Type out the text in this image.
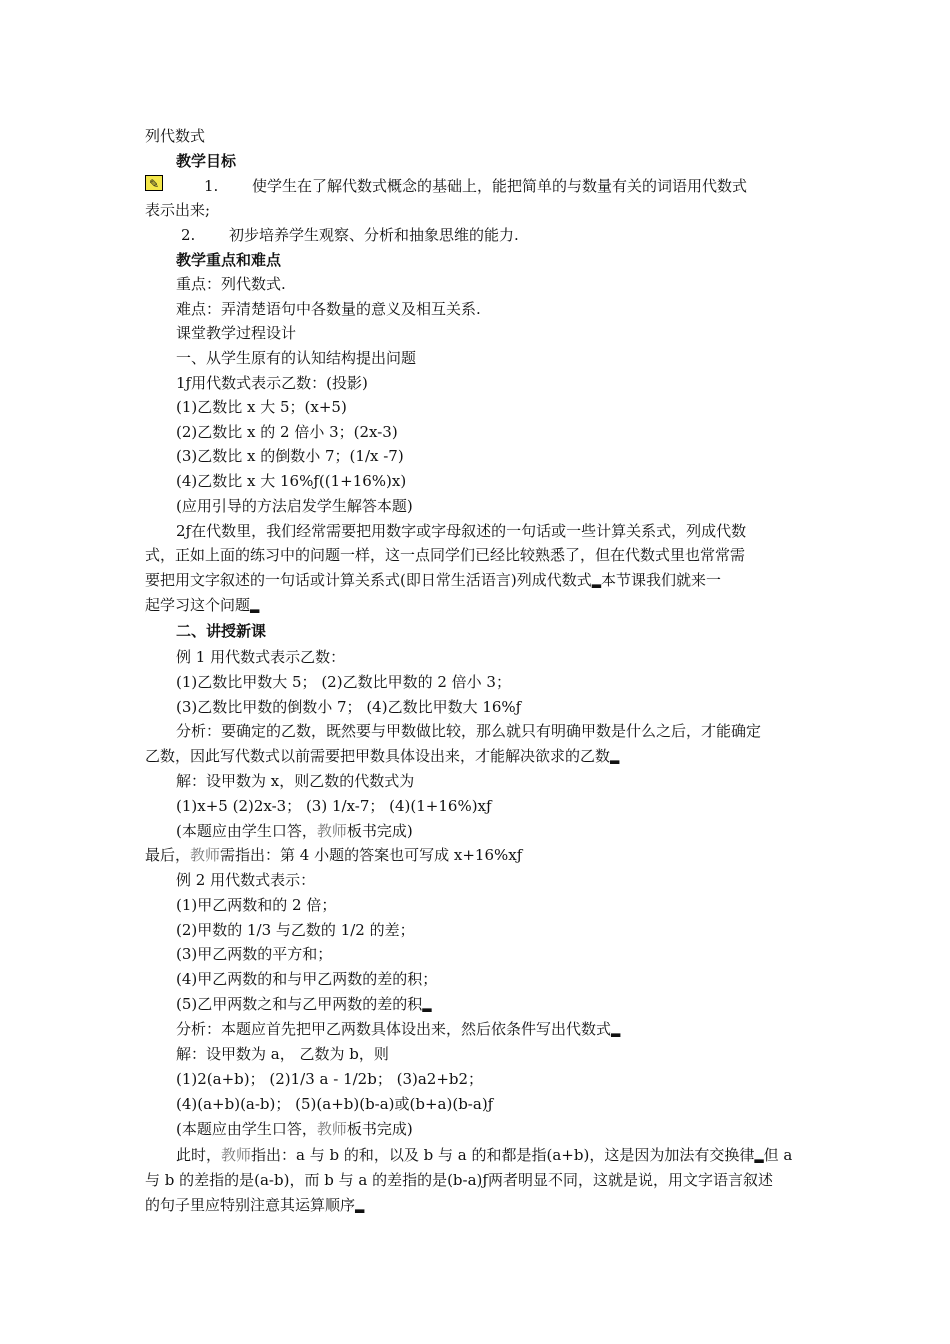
列代数式
教学目标
✎	1. 使学生在了解代数式概念的基础上，能把简单的与数量有关的词语用代数式
表示出来;
2. 初步培养学生观察、分析和抽象思维的能力.
教学重点和难点
重点：列代数式.
难点：弄清楚语句中各数量的意义及相互关系.
课堂教学过程设计
一、从学生原有的认知结构提出问题
1ƒ用代数式表示乙数：(投影)
(1)乙数比 x 大 5；(x+5)
(2)乙数比 x 的 2 倍小 3；(2x-3)
(3)乙数比 x 的倒数小 7；(1/x -7)
(4)乙数比 x 大 16%ƒ((1+16%)x)
(应用引导的方法启发学生解答本题)
2ƒ在代数里，我们经常需要把用数字或字母叙述的一句话或一些计算关系式，列成代数
式，正如上面的练习中的问题一样，这一点同学们已经比较熟悉了，但在代数式里也常常需
要把用文字叙述的一句话或计算关系式(即日常生活语言)列成代数式▂本节课我们就来一
起学习这个问题▂
二、讲授新课
例 1 用代数式表示乙数：
(1)乙数比甲数大 5； (2)乙数比甲数的 2 倍小 3；
(3)乙数比甲数的倒数小 7； (4)乙数比甲数大 16%ƒ
分析：要确定的乙数，既然要与甲数做比较，那么就只有明确甲数是什么之后，才能确定
乙数，因此写代数式以前需要把甲数具体设出来，才能解决欲求的乙数▂
解：设甲数为 x，则乙数的代数式为
(1)x+5 (2)2x-3； (3) 1/x-7； (4)(1+16%)xƒ
(本题应由学生口答，教师板书完成)
最后，教师需指出：第 4 小题的答案也可写成 x+16%xƒ
例 2 用代数式表示：
(1)甲乙两数和的 2 倍；
(2)甲数的 1/3 与乙数的 1/2 的差；
(3)甲乙两数的平方和；
(4)甲乙两数的和与甲乙两数的差的积；
(5)乙甲两数之和与乙甲两数的差的积▂
分析：本题应首先把甲乙两数具体设出来，然后依条件写出代数式▂
解：设甲数为 a， 乙数为 b，则
(1)2(a+b)； (2)1/3 a - 1/2b； (3)a2+b2；
(4)(a+b)(a-b)； (5)(a+b)(b-a)或(b+a)(b-a)ƒ
(本题应由学生口答，教师板书完成)
此时，教师指出：a 与 b 的和，以及 b 与 a 的和都是指(a+b)，这是因为加法有交换律▂但 a
与 b 的差指的是(a-b)，而 b 与 a 的差指的是(b-a)ƒ两者明显不同，这就是说，用文字语言叙述
的句子里应特别注意其运算顺序▂
